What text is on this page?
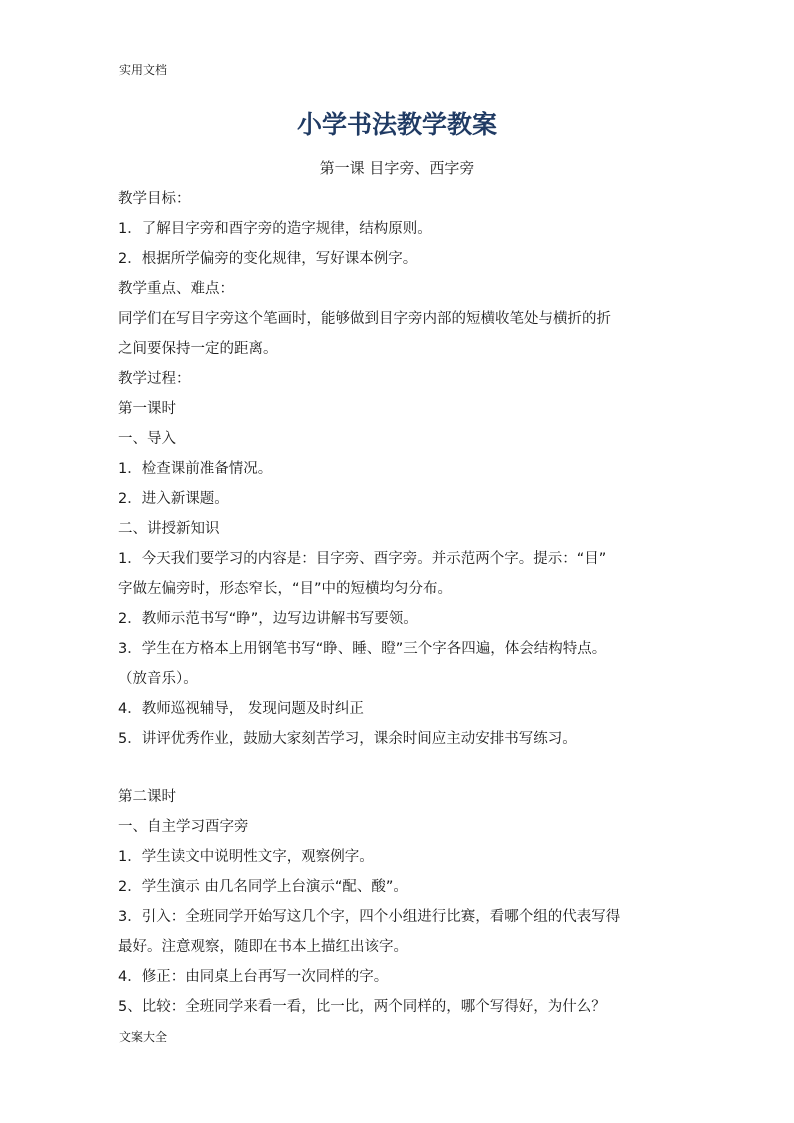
实用文档
小学书法教学教案
第一课 目字旁、西字旁

教学目标：

1．了解目字旁和酉字旁的造字规律，结构原则。

2．根据所学偏旁的变化规律，写好课本例字。

教学重点、难点：

同学们在写目字旁这个笔画时，能够做到目字旁内部的短横收笔处与横折的折

之间要保持一定的距离。

教学过程：

第一课时

一、导入

1．检查课前准备情况。

2．进入新课题。

二、讲授新知识

1．今天我们要学习的内容是：目字旁、酉字旁。并示范两个字。提示：“目”

字做左偏旁时，形态窄长，“目”中的短横均匀分布。

2．教师示范书写“睁”，边写边讲解书写要领。

3．学生在方格本上用钢笔书写“睁、睡、瞪”三个字各四遍，体会结构特点。

（放音乐）。

4．教师巡视辅导， 发现问题及时纠正

5．讲评优秀作业，鼓励大家刻苦学习，课余时间应主动安排书写练习。

第二课时

一、自主学习酉字旁

1．学生读文中说明性文字，观察例字。

2．学生演示 由几名同学上台演示“配、酸”。

3．引入：全班同学开始写这几个字，四个小组进行比赛，看哪个组的代表写得

最好。注意观察，随即在书本上描红出该字。

4．修正：由同桌上台再写一次同样的字。

5、比较：全班同学来看一看，比一比，两个同样的，哪个写得好，为什么？

文案大全
